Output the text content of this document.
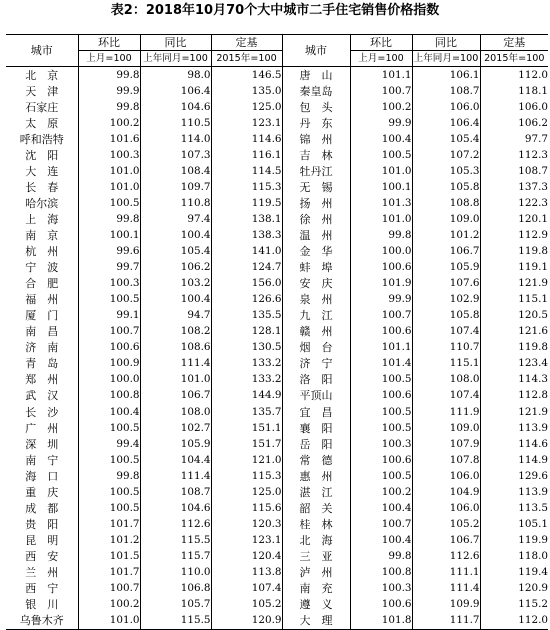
表2：2018年10月70个大中城市二手住宅销售价格指数
城市	环比	同比	定基	城市	环比	同比	定基
	上月=100	上年同月=100	2015年=100		上月=100	上年同月=100	2015年=100
北　京	99.8	98.0	146.5	唐　山	101.1	106.1	112.0
天　津	99.9	106.4	135.0	秦皇岛	100.7	108.7	118.1
石家庄	99.8	104.6	125.0	包　头	100.2	106.0	106.0
太　原	100.2	110.5	123.1	丹　东	99.9	106.4	106.2
呼和浩特	101.6	114.0	114.6	锦　州	100.4	105.4	97.7
沈　阳	100.3	107.3	116.1	吉　林	100.5	107.2	112.3
大　连	101.0	108.4	114.5	牡丹江	101.0	105.3	108.7
长　春	101.0	109.7	115.3	无　锡	100.1	105.8	137.3
哈尔滨	100.5	110.8	119.5	扬　州	101.3	108.8	122.3
上　海	99.8	97.4	138.1	徐　州	101.0	109.0	120.1
南　京	100.1	100.4	138.3	温　州	99.8	101.2	112.9
杭　州	99.6	105.4	141.0	金　华	100.0	106.7	119.8
宁　波	99.7	106.2	124.7	蚌　埠	100.6	105.9	119.1
合　肥	100.3	103.2	156.0	安　庆	101.9	107.6	121.9
福　州	100.5	100.4	126.6	泉　州	99.9	102.9	115.1
厦　门	99.1	94.7	135.5	九　江	100.7	105.8	120.5
南　昌	100.7	108.2	128.1	赣　州	100.6	107.4	121.6
济　南	100.6	108.6	130.5	烟　台	101.1	110.7	119.8
青　岛	100.9	111.4	133.2	济　宁	101.4	115.1	123.4
郑　州	100.0	101.0	133.2	洛　阳	100.5	108.0	114.3
武　汉	100.8	106.7	144.9	平顶山	100.6	107.4	112.8
长　沙	100.4	108.0	135.7	宜　昌	100.5	111.9	121.9
广　州	100.5	102.7	151.1	襄　阳	100.5	109.0	113.9
深　圳	99.4	105.9	151.7	岳　阳	100.3	107.9	114.6
南　宁	100.5	104.4	121.0	常　德	100.6	107.8	114.9
海　口	99.8	111.4	115.3	惠　州	100.5	106.0	129.6
重　庆	100.5	108.7	125.0	湛　江	100.2	104.9	113.9
成　都	100.5	104.6	115.6	韶　关	100.4	106.0	113.5
贵　阳	101.7	112.6	120.3	桂　林	100.7	105.2	105.1
昆　明	101.2	115.5	123.1	北　海	100.4	106.7	119.9
西　安	101.5	115.7	120.4	三　亚	99.8	112.6	118.0
兰　州	101.7	110.0	113.8	泸　州	100.8	111.1	119.4
西　宁	100.7	106.8	107.4	南　充	100.3	111.4	120.9
银　川	100.2	105.7	105.2	遵　义	100.6	109.9	115.2
乌鲁木齐	101.0	115.5	120.9	大　理	101.8	111.7	112.0
